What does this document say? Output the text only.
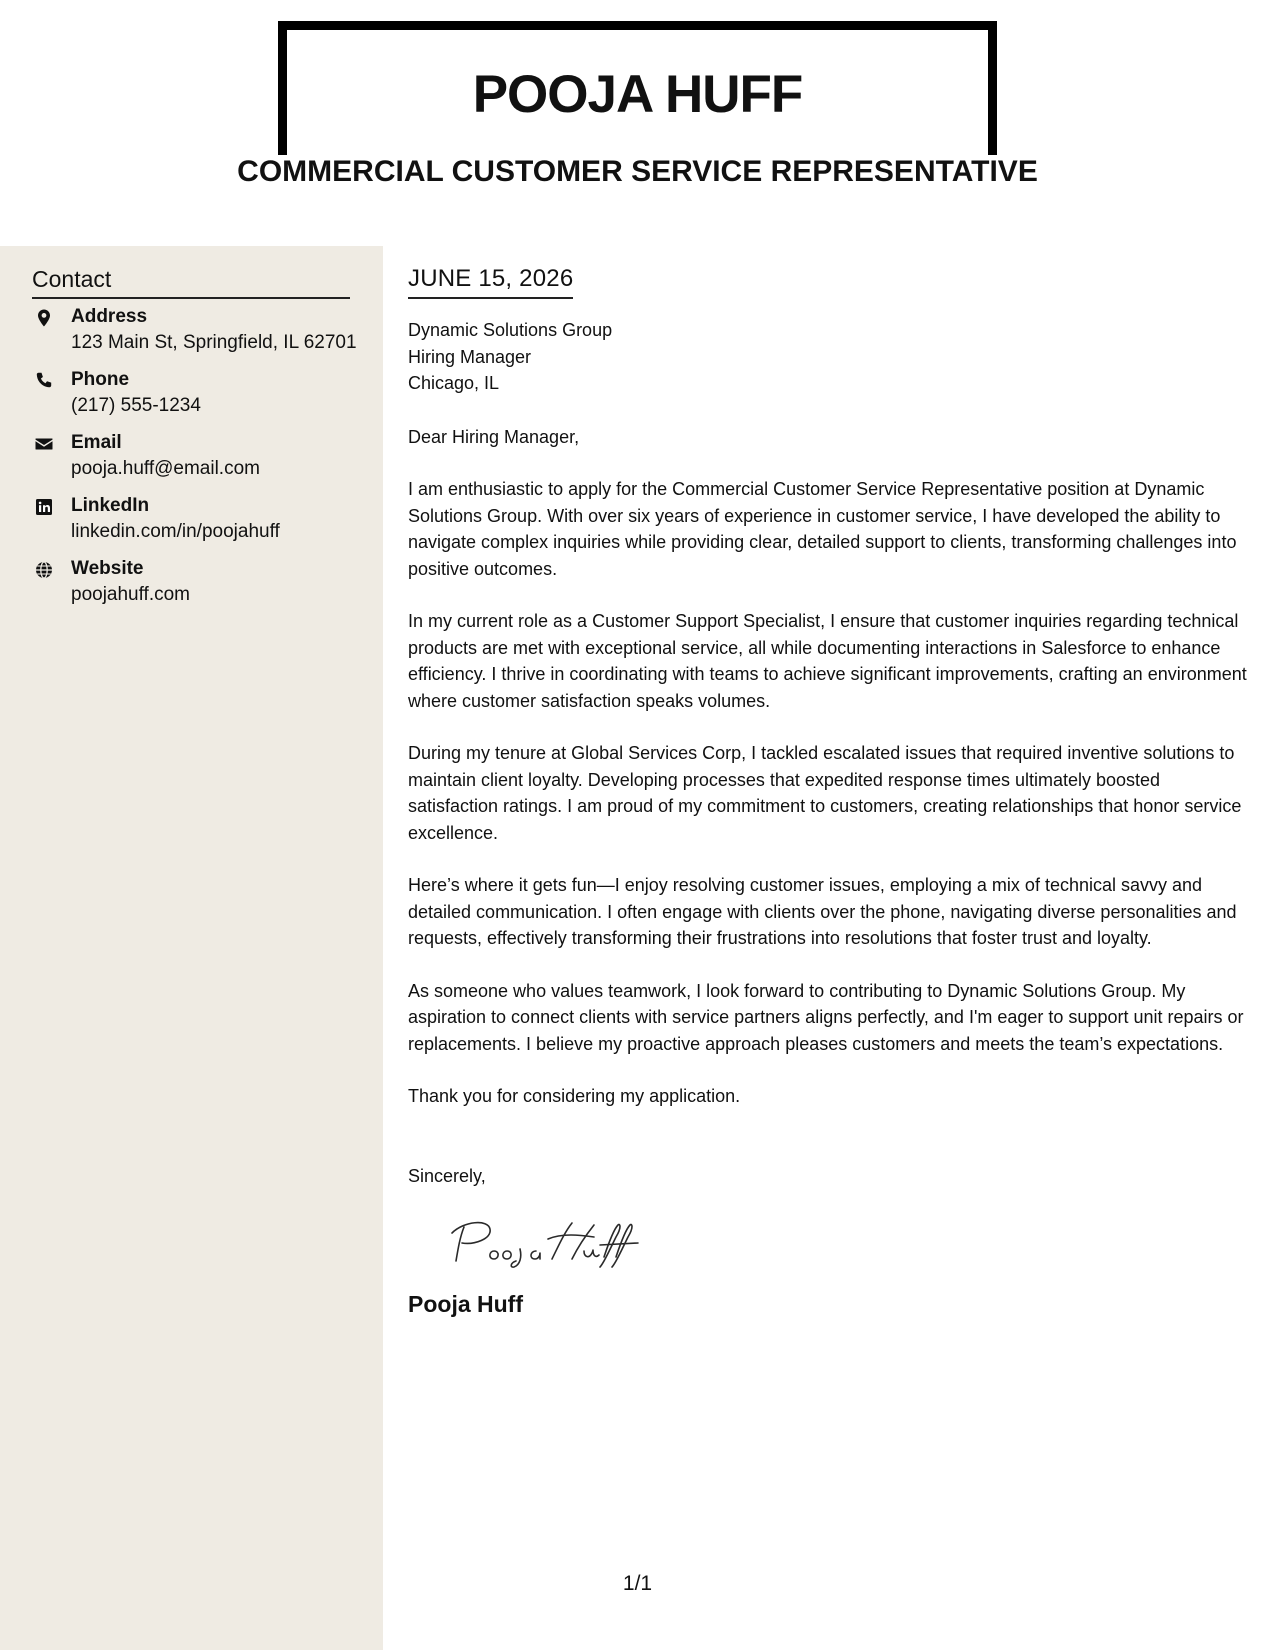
POOJA HUFF
COMMERCIAL CUSTOMER SERVICE REPRESENTATIVE
Contact
Address
123 Main St, Springfield, IL 62701
Phone
(217) 555-1234
Email
pooja.huff@email.com
LinkedIn
linkedin.com/in/poojahuff
Website
poojahuff.com
JUNE 15, 2026
Dynamic Solutions Group
Hiring Manager
Chicago, IL
Dear Hiring Manager,

I am enthusiastic to apply for the Commercial Customer Service Representative position at Dynamic Solutions Group. With over six years of experience in customer service, I have developed the ability to navigate complex inquiries while providing clear, detailed support to clients, transforming challenges into positive outcomes.

In my current role as a Customer Support Specialist, I ensure that customer inquiries regarding technical products are met with exceptional service, all while documenting interactions in Salesforce to enhance efficiency. I thrive in coordinating with teams to achieve significant improvements, crafting an environment where customer satisfaction speaks volumes.

During my tenure at Global Services Corp, I tackled escalated issues that required inventive solutions to maintain client loyalty. Developing processes that expedited response times ultimately boosted satisfaction ratings. I am proud of my commitment to customers, creating relationships that honor service excellence.

Here’s where it gets fun—I enjoy resolving customer issues, employing a mix of technical savvy and detailed communication. I often engage with clients over the phone, navigating diverse personalities and requests, effectively transforming their frustrations into resolutions that foster trust and loyalty.

As someone who values teamwork, I look forward to contributing to Dynamic Solutions Group. My aspiration to connect clients with service partners aligns perfectly, and I'm eager to support unit repairs or replacements. I believe my proactive approach pleases customers and meets the team’s expectations.

Thank you for considering my application.

Sincerely,
Pooja Huff
1/1
